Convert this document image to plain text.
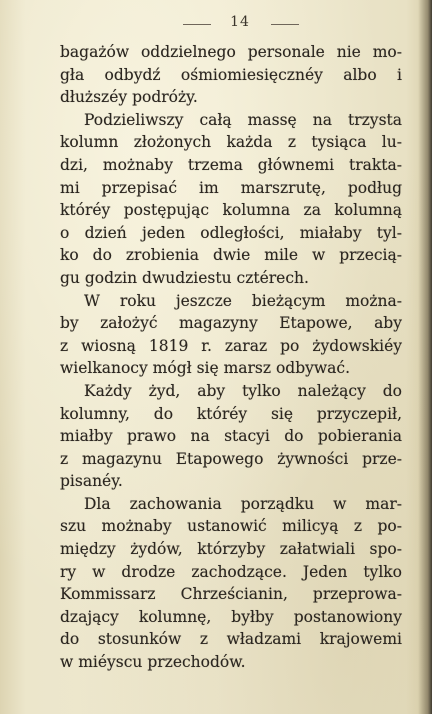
14
bagażów oddzielnego personale nie mo-
gła odbydź ośmiomiesięcznéy albo i
dłuższéy podróży.
Podzieliwszy całą massę na trzysta
kolumn złożonych każda z tysiąca lu-
dzi, możnaby trzema głównemi trakta-
mi przepisać im marszrutę, podług
któréy postępując kolumna za kolumną
o dzień jeden odległości, miałaby tyl-
ko do zrobienia dwie mile w przecią-
gu godzin dwudziestu cztérech.
W roku jeszcze bieżącym można-
by założyć magazyny Etapowe, aby
z wiosną 1819 r. zaraz po żydowskiéy
wielkanocy mógł się marsz odbywać.
Każdy żyd, aby tylko należący do
kolumny, do któréy się przyczepił,
miałby prawo na stacyi do pobierania
z magazynu Etapowego żywności prze-
pisanéy.
Dla zachowania porządku w mar-
szu możnaby ustanowić milicyą z po-
między żydów, którzyby załatwiali spo-
ry w drodze zachodzące. Jeden tylko
Kommissarz Chrześcianin, przeprowa-
dzający kolumnę, byłby postanowiony
do stosunków z władzami krajowemi
w miéyscu przechodów.
